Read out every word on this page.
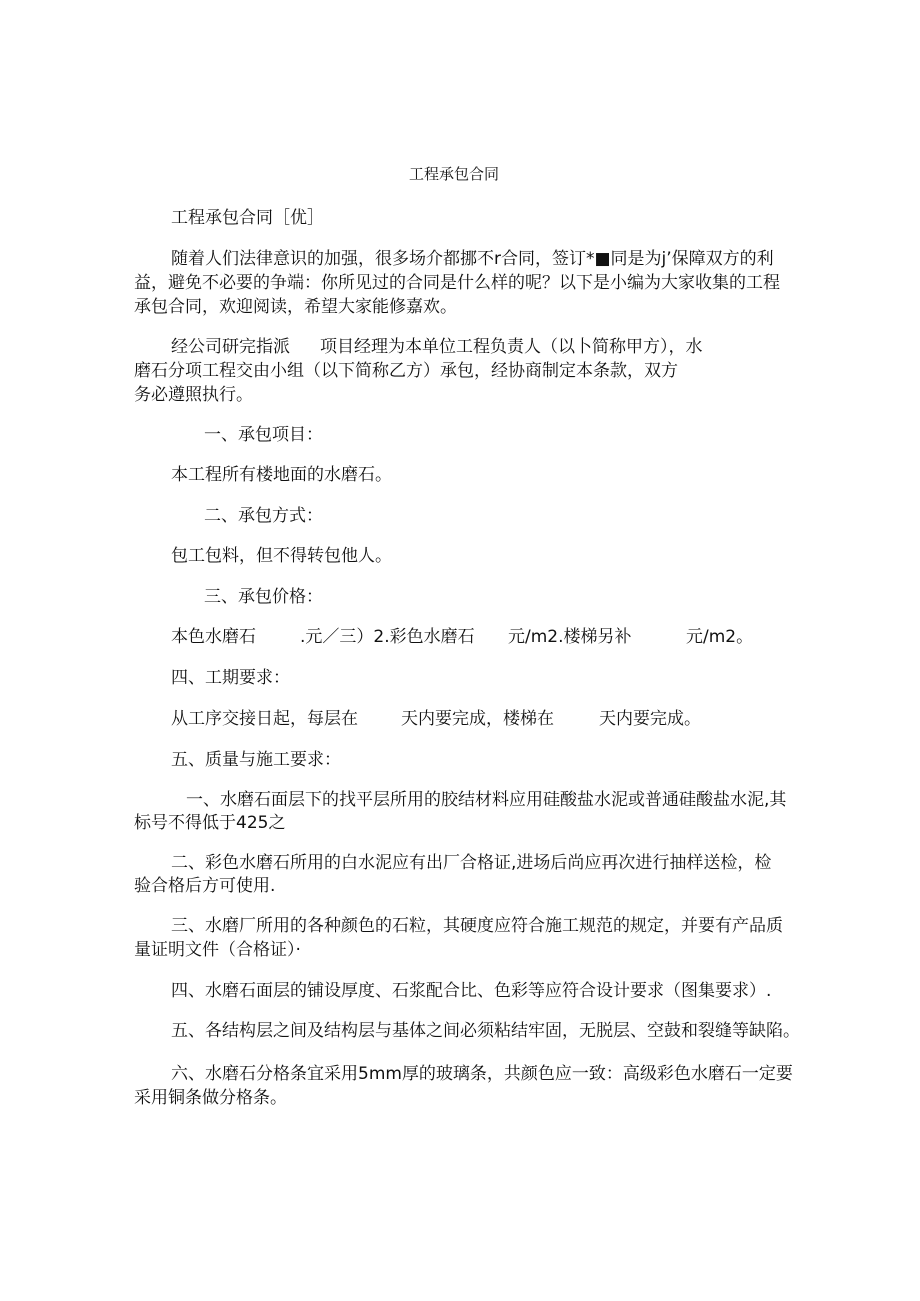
工程承包合同
工程承包合同［优］
随着人们法律意识的加强，很多场介都挪不r合同，签订*■同是为j’保障双方的利
益，避免不必要的争端：你所见过的合同是什么样的呢？以下是小编为大家收集的工程
承包合同，欢迎阅读，希望大家能修嘉欢。
经公司研完指派 项目经理为本单位工程负责人（以卜简称甲方），水
磨石分项工程交由小组（以下简称乙方）承包，经协商制定本条款，双方
务必遵照执行。
一、承包项目：
本工程所有楼地面的水磨石。
二、承包方式：
包工包料，但不得转包他人。
三、承包价格：
本色水磨石	.元／三）2.彩色水磨石 元/m2.楼梯另补	元/m2。
四、工期要求：
从工序交接日起，每层在	天内要完成，楼梯在	天内要完成。
五、质量与施工要求：
一、水磨石面层下的找平层所用的胶结材料应用硅酸盐水泥或普通硅酸盐水泥,其
标号不得低于425之
二、彩色水磨石所用的白水泥应有出厂合格证,进场后尚应再次进行抽样送检，检
验合格后方可使用.
三、水磨厂所用的各种颜色的石粒，其硬度应符合施工规范的规定，并要有产品质
量证明文件（合格证）·
四、水磨石面层的铺设厚度、石浆配合比、色彩等应符合设计要求（图集要求）.
五、各结构层之间及结构层与基体之间必须粘结牢固，无脱层、空鼓和裂缝等缺陷。
六、水磨石分格条宜采用5mm厚的玻璃条，共颜色应一致：高级彩色水磨石一定要
采用铜条做分格条。
